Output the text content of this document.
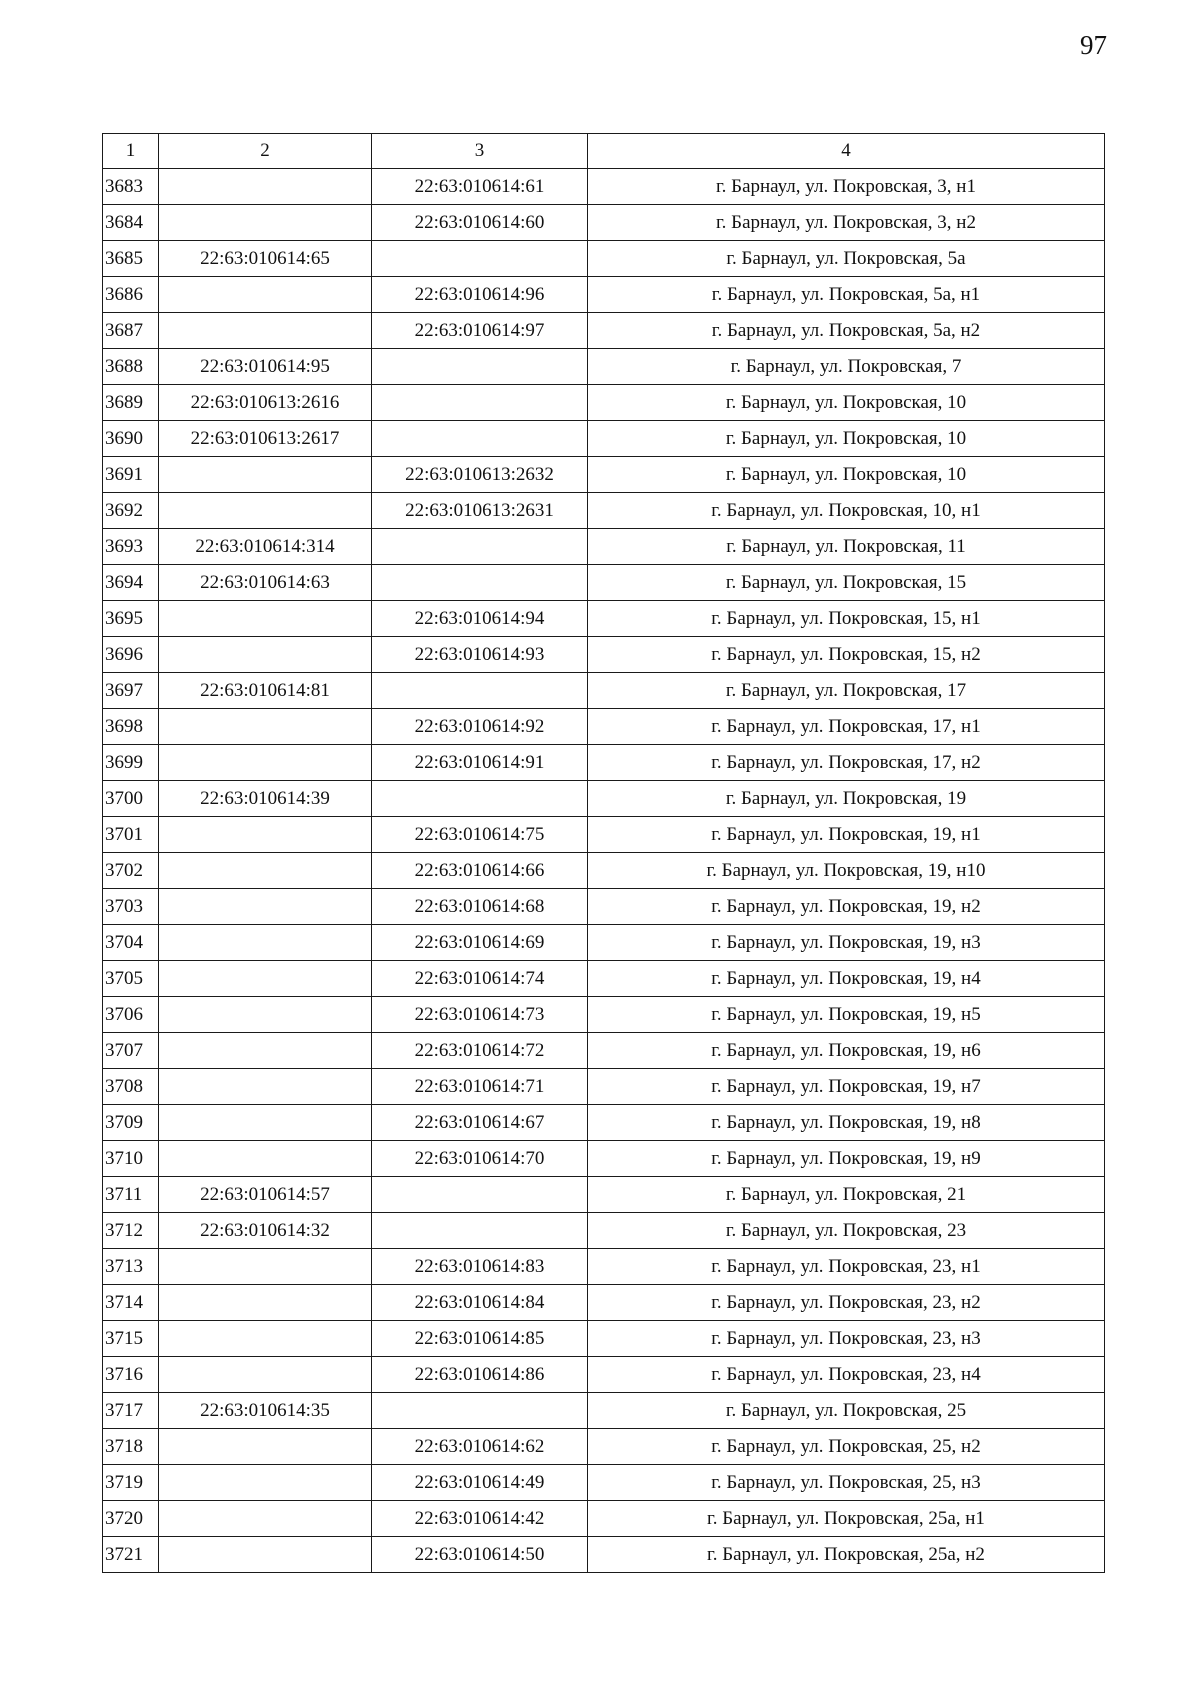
97
1	2	3	4
3683		22:63:010614:61	г. Барнаул, ул. Покровская, 3, н1
3684		22:63:010614:60	г. Барнаул, ул. Покровская, 3, н2
3685	22:63:010614:65		г. Барнаул, ул. Покровская, 5а
3686		22:63:010614:96	г. Барнаул, ул. Покровская, 5а, н1
3687		22:63:010614:97	г. Барнаул, ул. Покровская, 5а, н2
3688	22:63:010614:95		г. Барнаул, ул. Покровская, 7
3689	22:63:010613:2616		г. Барнаул, ул. Покровская, 10
3690	22:63:010613:2617		г. Барнаул, ул. Покровская, 10
3691		22:63:010613:2632	г. Барнаул, ул. Покровская, 10
3692		22:63:010613:2631	г. Барнаул, ул. Покровская, 10, н1
3693	22:63:010614:314		г. Барнаул, ул. Покровская, 11
3694	22:63:010614:63		г. Барнаул, ул. Покровская, 15
3695		22:63:010614:94	г. Барнаул, ул. Покровская, 15, н1
3696		22:63:010614:93	г. Барнаул, ул. Покровская, 15, н2
3697	22:63:010614:81		г. Барнаул, ул. Покровская, 17
3698		22:63:010614:92	г. Барнаул, ул. Покровская, 17, н1
3699		22:63:010614:91	г. Барнаул, ул. Покровская, 17, н2
3700	22:63:010614:39		г. Барнаул, ул. Покровская, 19
3701		22:63:010614:75	г. Барнаул, ул. Покровская, 19, н1
3702		22:63:010614:66	г. Барнаул, ул. Покровская, 19, н10
3703		22:63:010614:68	г. Барнаул, ул. Покровская, 19, н2
3704		22:63:010614:69	г. Барнаул, ул. Покровская, 19, н3
3705		22:63:010614:74	г. Барнаул, ул. Покровская, 19, н4
3706		22:63:010614:73	г. Барнаул, ул. Покровская, 19, н5
3707		22:63:010614:72	г. Барнаул, ул. Покровская, 19, н6
3708		22:63:010614:71	г. Барнаул, ул. Покровская, 19, н7
3709		22:63:010614:67	г. Барнаул, ул. Покровская, 19, н8
3710		22:63:010614:70	г. Барнаул, ул. Покровская, 19, н9
3711	22:63:010614:57		г. Барнаул, ул. Покровская, 21
3712	22:63:010614:32		г. Барнаул, ул. Покровская, 23
3713		22:63:010614:83	г. Барнаул, ул. Покровская, 23, н1
3714		22:63:010614:84	г. Барнаул, ул. Покровская, 23, н2
3715		22:63:010614:85	г. Барнаул, ул. Покровская, 23, н3
3716		22:63:010614:86	г. Барнаул, ул. Покровская, 23, н4
3717	22:63:010614:35		г. Барнаул, ул. Покровская, 25
3718		22:63:010614:62	г. Барнаул, ул. Покровская, 25, н2
3719		22:63:010614:49	г. Барнаул, ул. Покровская, 25, н3
3720		22:63:010614:42	г. Барнаул, ул. Покровская, 25а, н1
3721		22:63:010614:50	г. Барнаул, ул. Покровская, 25а, н2
